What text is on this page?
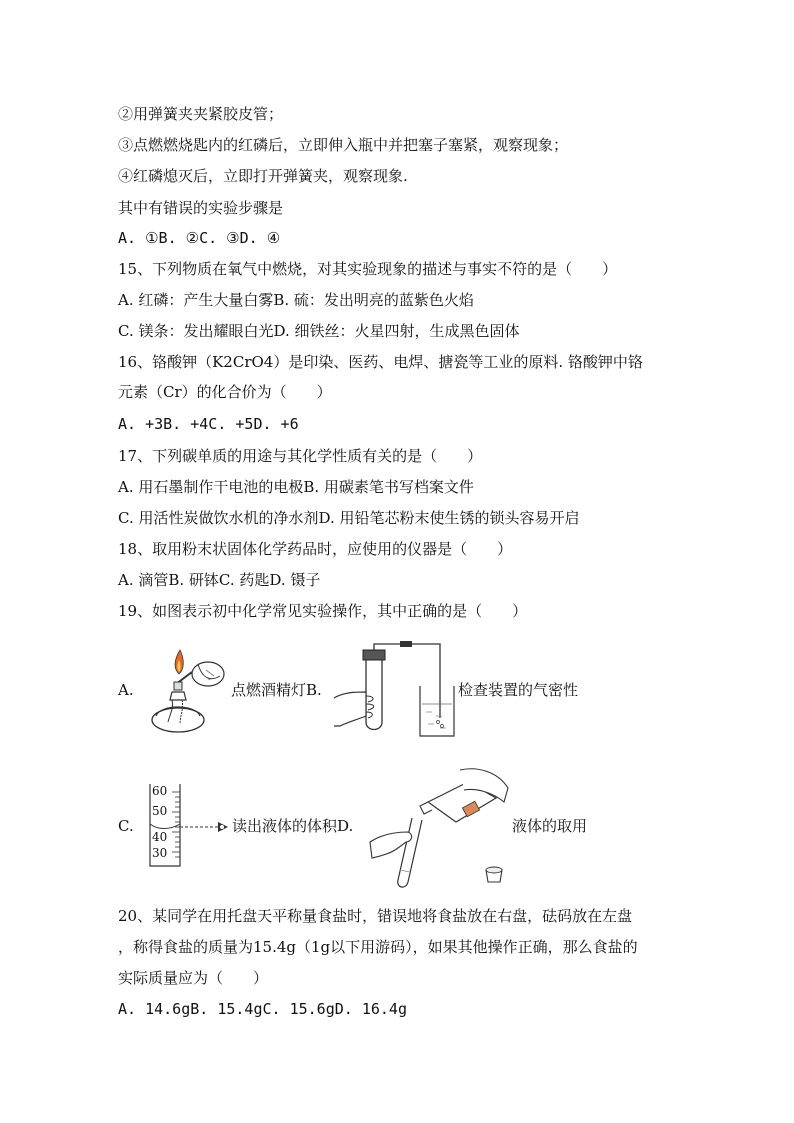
②用弹簧夹夹紧胶皮管；
③点燃燃烧匙内的红磷后，立即伸入瓶中并把塞子塞紧，观察现象；
④红磷熄灭后，立即打开弹簧夹，观察现象.
其中有错误的实验步骤是
A. ①B. ②C. ③D. ④
15、下列物质在氧气中燃烧，对其实验现象的描述与事实不符的是（　　）
A. 红磷：产生大量白雾B. 硫：发出明亮的蓝紫色火焰
C. 镁条：发出耀眼白光D. 细铁丝：火星四射，生成黑色固体
16、铬酸钾（K2CrO4）是印染、医药、电焊、搪瓷等工业的原料. 铬酸钾中铬
元素（Cr）的化合价为（　　）
A. +3B. +4C. +5D. +6
17、下列碳单质的用途与其化学性质有关的是（　　）
A. 用石墨制作干电池的电极B. 用碳素笔书写档案文件
C. 用活性炭做饮水机的净水剂D. 用铅笔芯粉末使生锈的锁头容易开启
18、取用粉末状固体化学药品时，应使用的仪器是（　　）
A. 滴管B. 研钵C. 药匙D. 镊子
19、如图表示初中化学常见实验操作，其中正确的是（　　）
A.	点燃酒精灯B.	检查装置的气密性
C.
60
50
40
30
读出液体的体积D.	液体的取用
20、某同学在用托盘天平称量食盐时，错误地将食盐放在右盘，砝码放在左盘
，称得食盐的质量为15.4g（1g以下用游码），如果其他操作正确，那么食盐的
实际质量应为（　　）
A. 14.6gB. 15.4gC. 15.6gD. 16.4g
